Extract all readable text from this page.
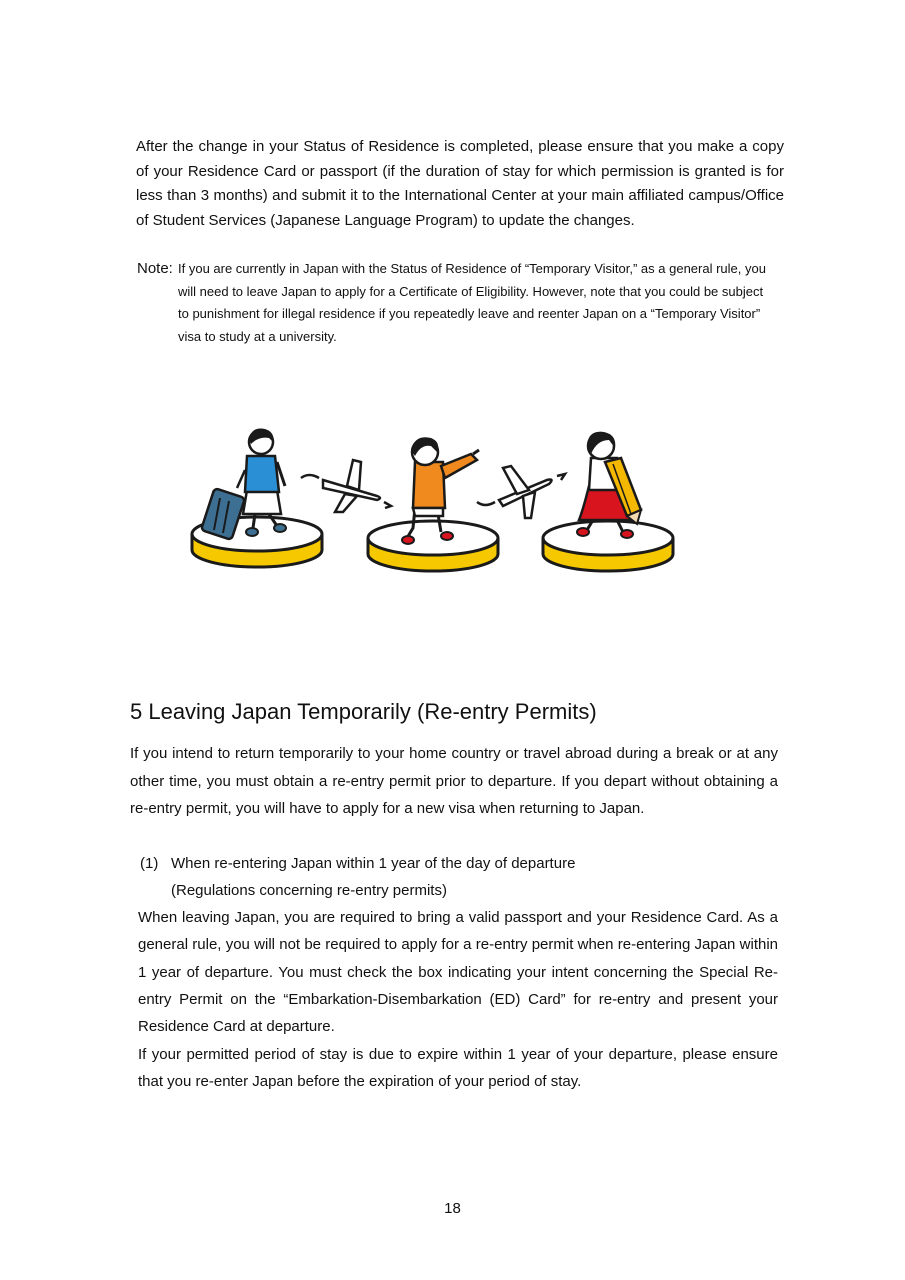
After the change in your Status of Residence is completed, please ensure that you make a copy of your Residence Card or passport (if the duration of stay for which permission is granted is for less than 3 months) and submit it to the International Center at your main affiliated campus/Office of Student Services (Japanese Language Program) to update the changes.

Note: If you are currently in Japan with the Status of Residence of “Temporary Visitor,” as a general rule, you will need to leave Japan to apply for a Certificate of Eligibility. However, note that you could be subject to punishment for illegal residence if you repeatedly leave and reenter Japan on a “Temporary Visitor” visa to study at a university.
5 Leaving Japan Temporarily (Re-entry Permits)

If you intend to return temporarily to your home country or travel abroad during a break or at any other time, you must obtain a re-entry permit prior to departure. If you depart without obtaining a re-entry permit, you will have to apply for a new visa when returning to Japan.

(1) When re-entering Japan within 1 year of the day of departure
(Regulations concerning re-entry permits)

When leaving Japan, you are required to bring a valid passport and your Residence Card. As a general rule, you will not be required to apply for a re-entry permit when re-entering Japan within 1 year of departure. You must check the box indicating your intent concerning the Special Re-entry Permit on the “Embarkation-Disembarkation (ED) Card” for re-entry and present your Residence Card at departure.

If your permitted period of stay is due to expire within 1 year of your departure, please ensure that you re-enter Japan before the expiration of your period of stay.

18
